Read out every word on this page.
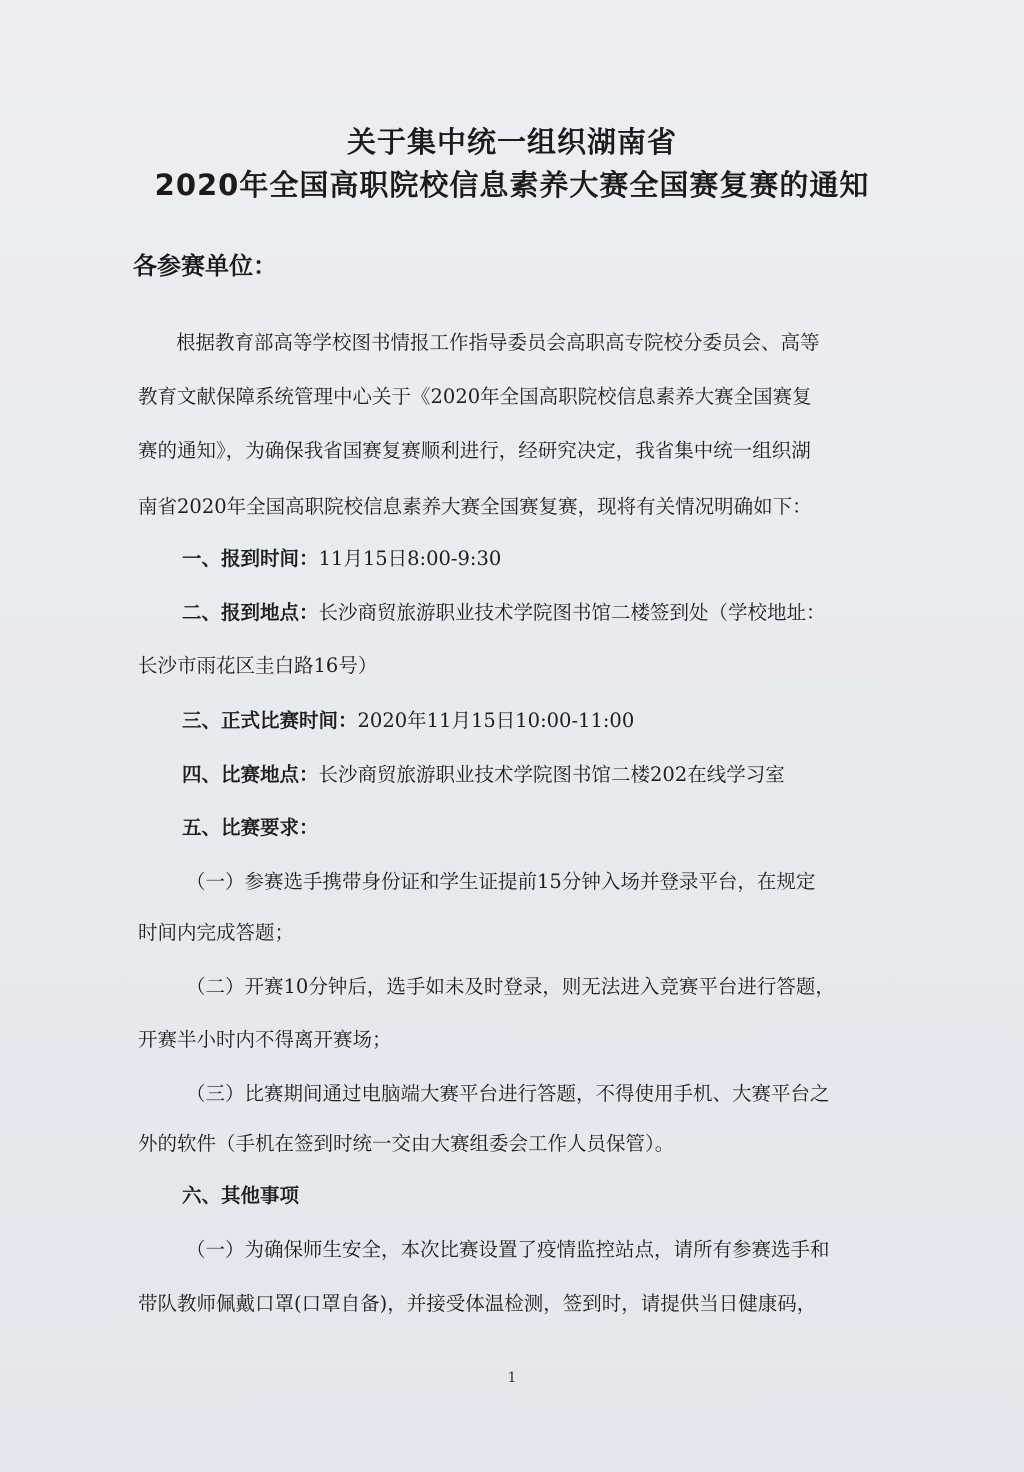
关于集中统一组织湖南省
2020年全国高职院校信息素养大赛全国赛复赛的通知
各参赛单位：
根据教育部高等学校图书情报工作指导委员会高职高专院校分委员会、高等
教育文献保障系统管理中心关于《2020年全国高职院校信息素养大赛全国赛复
赛的通知》，为确保我省国赛复赛顺利进行，经研究决定，我省集中统一组织湖
南省2020年全国高职院校信息素养大赛全国赛复赛，现将有关情况明确如下：
一、报到时间：11月15日8:00-9:30
二、报到地点：长沙商贸旅游职业技术学院图书馆二楼签到处（学校地址：
长沙市雨花区圭白路16号）
三、正式比赛时间：2020年11月15日10:00-11:00
四、比赛地点：长沙商贸旅游职业技术学院图书馆二楼202在线学习室
五、比赛要求：
（一）参赛选手携带身份证和学生证提前15分钟入场并登录平台，在规定
时间内完成答题；
（二）开赛10分钟后，选手如未及时登录，则无法进入竞赛平台进行答题，
开赛半小时内不得离开赛场；
（三）比赛期间通过电脑端大赛平台进行答题，不得使用手机、大赛平台之
外的软件（手机在签到时统一交由大赛组委会工作人员保管）。
六、其他事项
（一）为确保师生安全，本次比赛设置了疫情监控站点，请所有参赛选手和
带队教师佩戴口罩(口罩自备)，并接受体温检测，签到时，请提供当日健康码，
1
